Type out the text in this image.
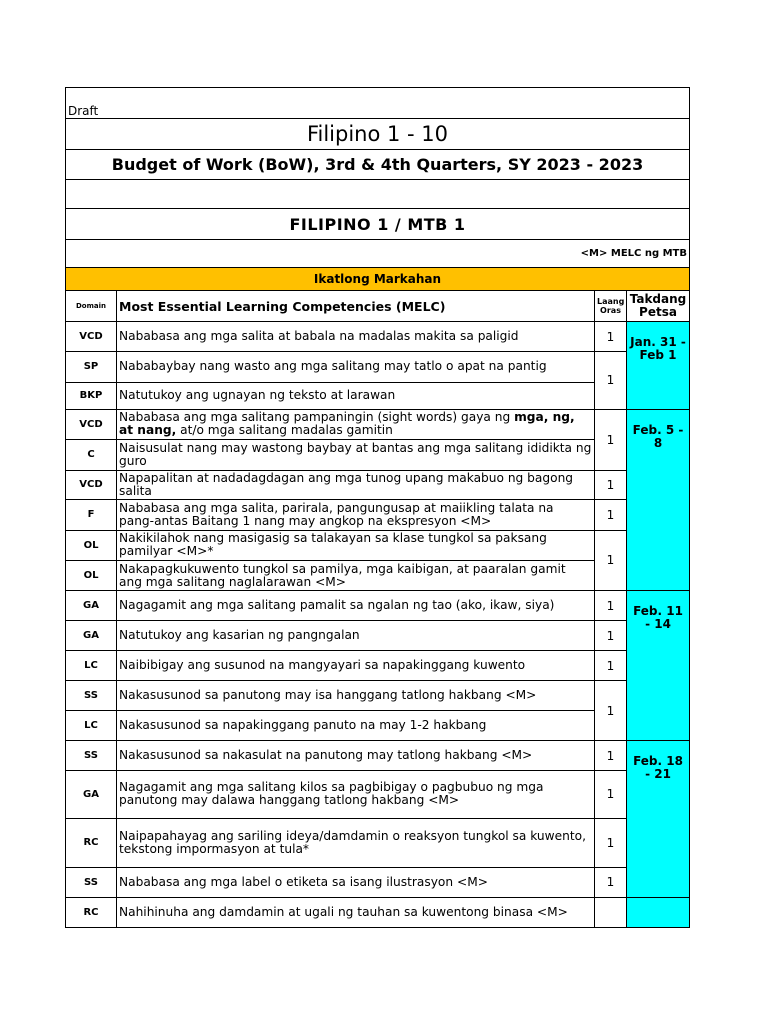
Draft			
Filipino 1 - 10			
Budget of Work (BoW), 3rd & 4th Quarters, SY 2023 - 2023			

FILIPINO 1 / MTB 1			
<M> MELC ng MTB			
Ikatlong Markahan			
Domain	Most Essential Learning Competencies (MELC)	Laang
Oras	Takdang
Petsa
VCD	Nababasa ang mga salita at babala na madalas makita sa paligid	1	Jan. 31 - Feb 1
SP	Nababaybay nang wasto ang mga salitang may tatlo o apat na pantig	1	
BKP	Natutukoy ang ugnayan ng teksto at larawan		
VCD	Nababasa ang mga salitang pampaningin (sight words) gaya ng mga, ng, at nang, at/o mga salitang madalas gamitin	1	Feb. 5 - 8
C	Naisusulat nang may wastong baybay at bantas ang mga salitang ididikta ng guro		
VCD	Napapalitan at nadadagdagan ang mga tunog upang makabuo ng bagong salita	1	
F	Nababasa ang mga salita, parirala, pangungusap at maiikling talata na pang-antas Baitang 1 nang may angkop na ekspresyon <M>	1	
OL	Nakikilahok nang masigasig sa talakayan sa klase tungkol sa paksang pamilyar <M>*	1	
OL	Nakapagkukuwento tungkol sa pamilya, mga kaibigan, at paaralan gamit ang mga salitang naglalarawan <M>		
GA	Nagagamit ang mga salitang pamalit sa ngalan ng tao (ako, ikaw, siya)	1	Feb. 11 - 14
GA	Natutukoy ang kasarian ng pangngalan	1	
LC	Naibibigay ang susunod na mangyayari sa napakinggang kuwento	1	
SS	Nakasusunod sa panutong may isa hanggang tatlong hakbang <M>	1	
LC	Nakasusunod sa napakinggang panuto na may 1-2 hakbang		
SS	Nakasusunod sa nakasulat na panutong may tatlong hakbang <M>	1	Feb. 18 - 21
GA	Nagagamit ang mga salitang kilos sa pagbibigay o pagbubuo ng mga panutong may dalawa hanggang tatlong hakbang <M>	1	
RC	Naipapahayag ang sariling ideya/damdamin o reaksyon tungkol sa kuwento, tekstong impormasyon at tula*	1	
SS	Nababasa ang mga label o etiketa sa isang ilustrasyon <M>	1	
RC	Nahihinuha ang damdamin at ugali ng tauhan sa kuwentong binasa <M>		
